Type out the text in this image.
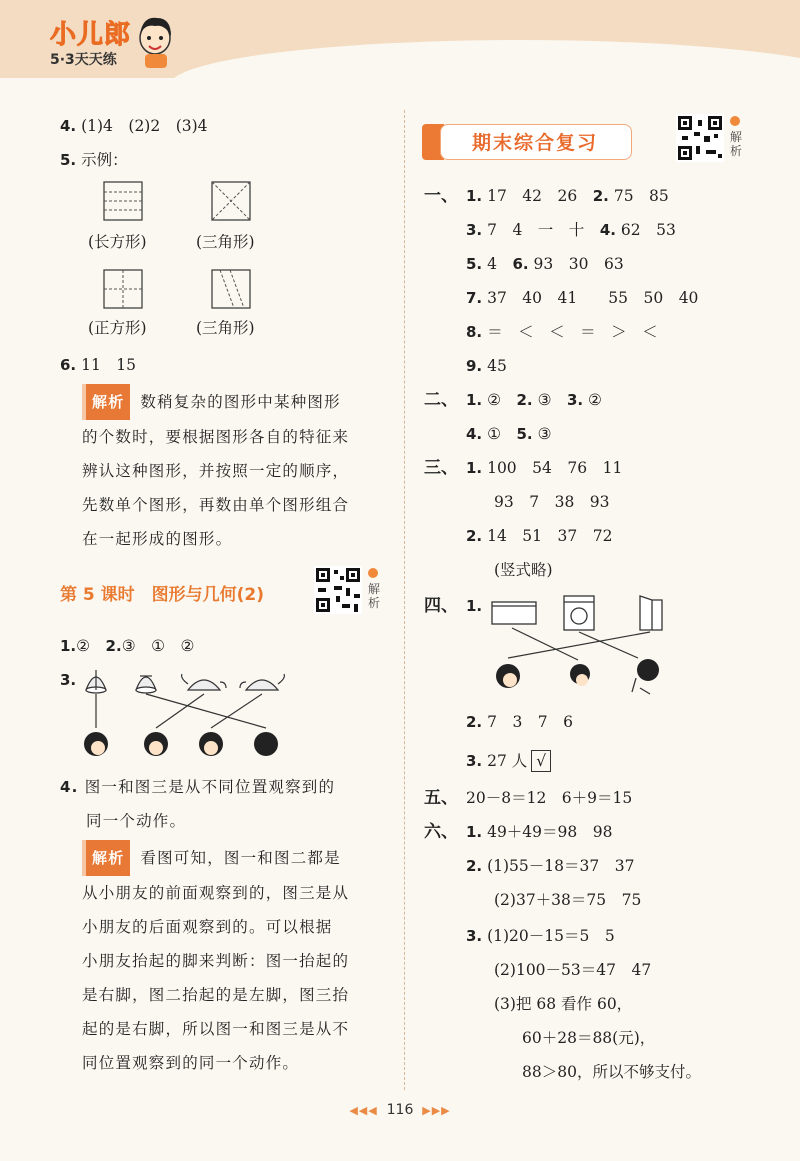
小儿郎
5·3天天练
4. (1)4　(2)2　(3)4
5. 示例：
(长方形)	(三角形)
(正方形)	(三角形)
6. 11　15
解析 数稍复杂的图形中某种图形
的个数时，要根据图形各自的特征来
辨认这种图形，并按照一定的顺序，
先数单个图形，再数由单个图形组合
在一起形成的图形。
第 5 课时　图形与几何(2)	解析
1.②　2.③　①　②
3.
4. 图一和图三是从不同位置观察到的
同一个动作。
解析 看图可知，图一和图二都是
从小朋友的前面观察到的，图三是从
小朋友的后面观察到的。可以根据
小朋友抬起的脚来判断：图一抬起的
是右脚，图二抬起的是左脚，图三抬
起的是右脚，所以图一和图三是从不
同位置观察到的同一个动作。
期末综合复习	解析
一、 1. 17　42　26　2. 75　85
3. 7　4　一　十　4. 62　53
5. 4　6. 93　30　63
7. 37　40　41　　55　50　40
8. ＝　＜　＜　＝　＞　＜
9. 45
二、 1. ②　2. ③　3. ②
4. ①　5. ③
三、 1. 100　54　76　11
93　7　38　93
2. 14　51　37　72
(竖式略)
四、 1.
2. 7　3　7　6
3. 27 人 √
五、 20－8＝12　6＋9＝15
六、 1. 49＋49＝98　98
2. (1)55－18＝37　37
(2)37＋38＝75　75
3. (1)20－15＝5　5
(2)100－53＝47　47
(3)把 68 看作 60，
60＋28＝88(元)，
88＞80，所以不够支付。
◀◀◀ 116 ▶▶▶
